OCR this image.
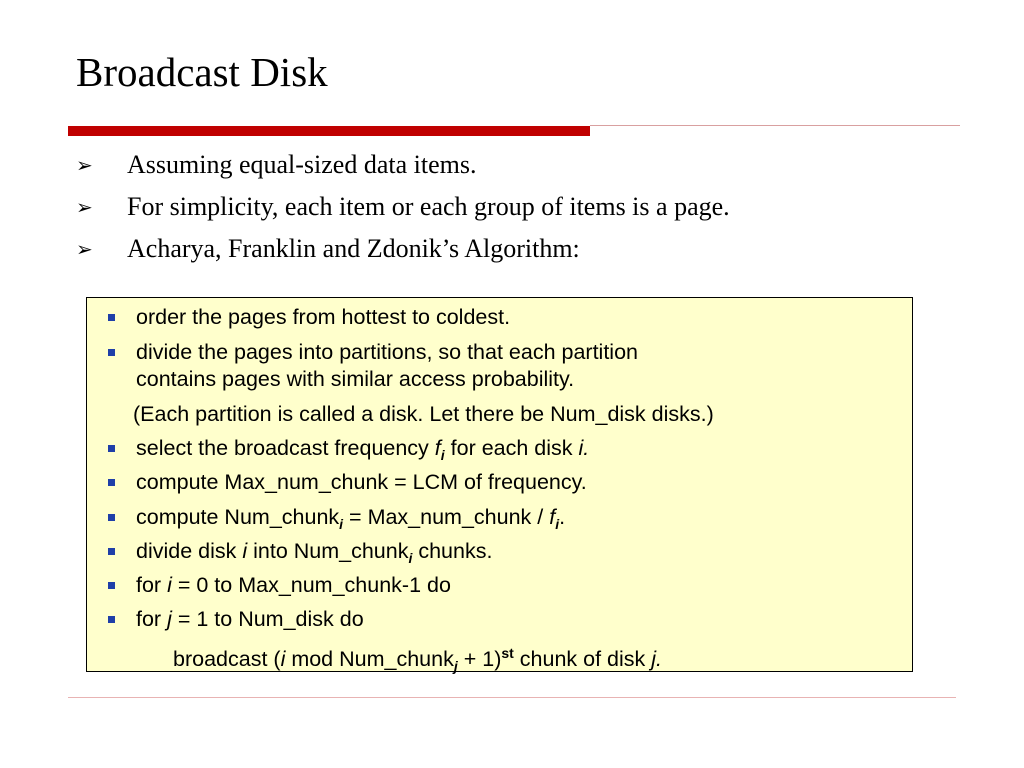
Broadcast Disk
➢ Assuming equal-sized data items.
➢ For simplicity, each item or each group of items is a page.
➢ Acharya, Franklin and Zdonik’s Algorithm:
order the pages from hottest to coldest.
divide the pages into partitions, so that each partition
contains pages with similar access probability.
(Each partition is called a disk. Let there be Num_disk disks.)
select the broadcast frequency $f_i$ for each disk i.
compute Max_num_chunk = LCM of frequency.
compute Num_chunk$_i$ = Max_num_chunk / $f_i$.
divide disk i into Num_chunk$_i$ chunks.
for i = 0 to Max_num_chunk-1 do
for j = 1 to Num_disk do
broadcast (i mod Num_chunk$_j$ + 1)$^{st}$ chunk of disk j.
